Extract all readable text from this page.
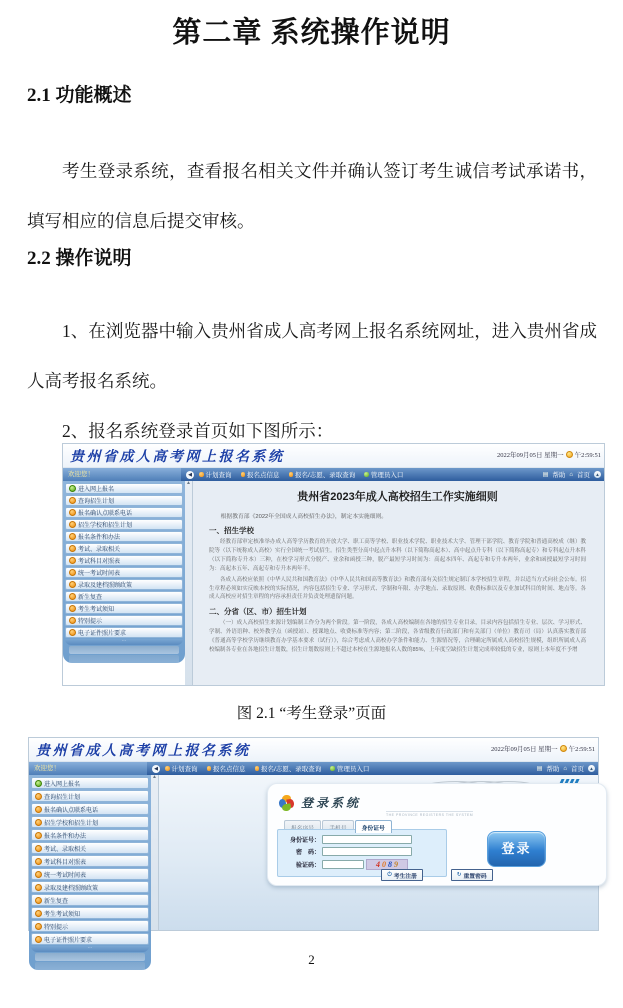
第二章 系统操作说明
2.1 功能概述

考生登录系统，查看报名相关文件并确认签订考生诚信考试承诺书，填写相应的信息后提交审核。

2.2 操作说明

1、在浏览器中输入贵州省成人高考网上报名系统网址，进入贵州省成人高考报名系统。

2、报名系统登录首页如下图所示：

贵州省成人高考网上报名系统	2022年09月05日 星期一 午2:59:51
欢迎您！	◀	计划查询 报名点信息 报名/志愿、录取查询 管理员入口	▤ 帮助 ⌂ 首页 ▲
进入网上报名
查询招生计划
报名确认点联系电话
招生学校和招生计划
报名条件和办法
考试、录取相关
考试科目对照表
统一考试时间表
录取及建档照顾政策
新生复查
考生考试须知
特别提示
电子证件照片要求
···
▲
贵州省2023年成人高校招生工作实施细则

根据教育部《2022年全国成人高校招生办法》，制定本实施细则。

一、招生学校

经教育部审定核准举办成人高等学历教育的开放大学、职工高等学校、职业技术学院、职业技术大学、管理干部学院、教育学院和普通高校成（继）教院等（以下统称成人高校）实行全国统一考试招生。招生类型分高中起点升本科（以下简称高起本）、高中起点升专科（以下简称高起专）和专科起点升本科（以下简称专升本）三种，在校学习形式分脱产、业余和函授三种，脱产最短学习时间为：高起本四年、高起专和专升本两年，业余和函授最短学习时间为：高起本五年、高起专和专升本两年半。

各成人高校应依照《中华人民共和国教育法》《中华人民共和国高等教育法》和教育部有关招生规定制订本学校招生章程，并以适当方式向社会公布。招生章程必须如实反映本校的实际情况，内容包括招生专业、学习形式、学制和年限、办学地点、录取原则、收费标准以及专业加试科目的时间、地点等。各成人高校应对招生章程的内容承担责任并负责处理遗留问题。

二、分省（区、市）招生计划

（一）成人高校招生来源计划编制工作分为两个阶段。第一阶段，各成人高校编制在各地的招生专业目录，目录内容包括招生专业、层次、学习形式、学制、外语语种、校外教学点（函授站）、授课地点、收费标准等内容；第二阶段，各省级教育行政部门和有关部门（单位）教育司（局）认真落实教育部《普通高等学校学历继续教育办学基本要求（试行）》，综合考虑成人高校办学条件和能力、生源情况等，合理确定所属成人高校招生规模，组织所属成人高校编制各专业在各地招生计划数，招生计划数原则上不超过本校在生源地报名人数的85%，上年度空缺招生计划完成率较低的专业，原则上本年度不予增

图 2.1 “考生登录”页面
贵州省成人高考网上报名系统	2022年09月05日 星期一 午2:59:51
欢迎您！	◀	计划查询 报名点信息 报名/志愿、录取查询 管理员入口	▤ 帮助 ⌂ 首页 ▲
进入网上报名
查询招生计划
报名确认点联系电话
招生学校和招生计划
报名条件和办法
考试、录取相关
考试科目对照表
统一考试时间表
录取及建档照顾政策
新生复查
考生考试须知
特别提示
电子证件照片要求
···
▲
登录系统
THE PROVINCE REGISTERS THE SYSTEM
身份证号
身份证号：
密　码：
验证码：	4 0 8 9
登录
⏻ 考生注册	↻ 重置密码
2
